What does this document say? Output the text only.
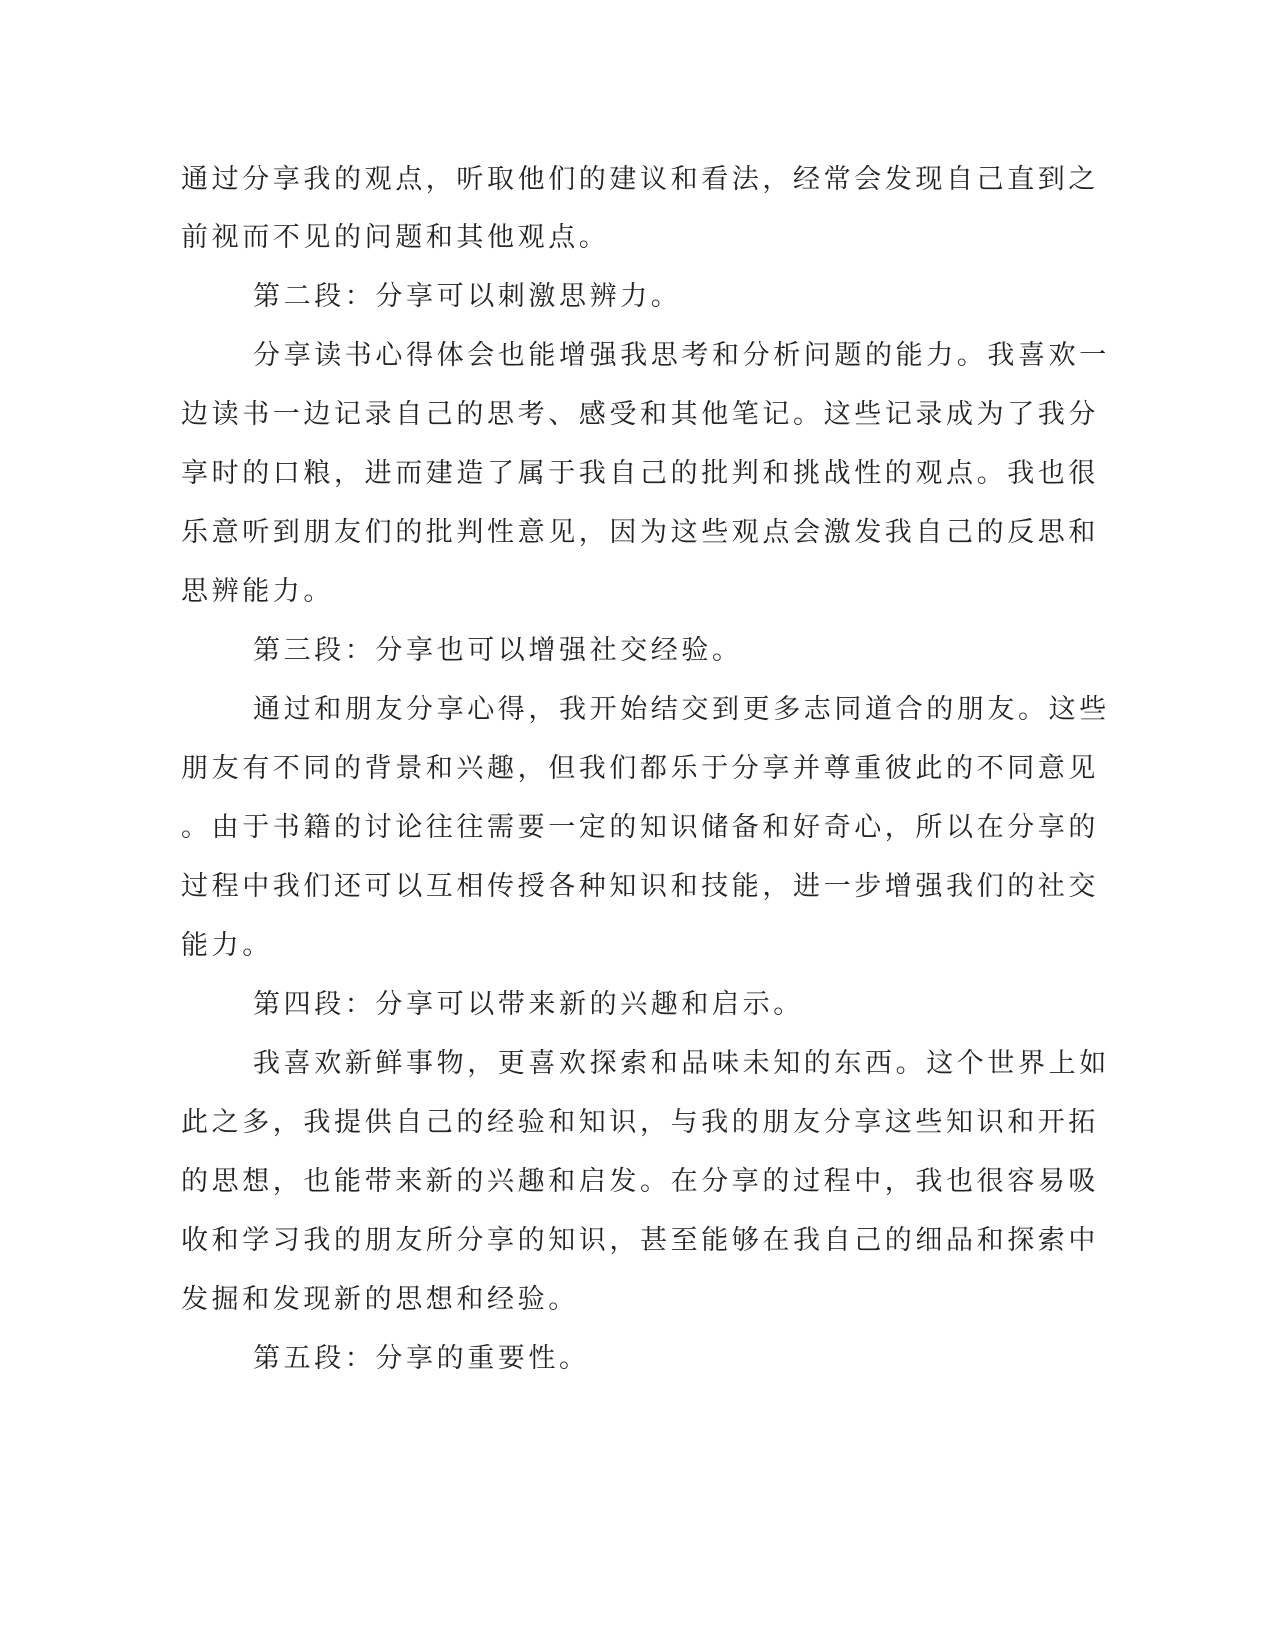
通过分享我的观点，听取他们的建议和看法，经常会发现自己直到之
前视而不见的问题和其他观点。
第二段：分享可以刺激思辨力。
分享读书心得体会也能增强我思考和分析问题的能力。我喜欢一
边读书一边记录自己的思考、感受和其他笔记。这些记录成为了我分
享时的口粮，进而建造了属于我自己的批判和挑战性的观点。我也很
乐意听到朋友们的批判性意见，因为这些观点会激发我自己的反思和
思辨能力。
第三段：分享也可以增强社交经验。
通过和朋友分享心得，我开始结交到更多志同道合的朋友。这些
朋友有不同的背景和兴趣，但我们都乐于分享并尊重彼此的不同意见
。由于书籍的讨论往往需要一定的知识储备和好奇心，所以在分享的
过程中我们还可以互相传授各种知识和技能，进一步增强我们的社交
能力。
第四段：分享可以带来新的兴趣和启示。
我喜欢新鲜事物，更喜欢探索和品味未知的东西。这个世界上如
此之多，我提供自己的经验和知识，与我的朋友分享这些知识和开拓
的思想，也能带来新的兴趣和启发。在分享的过程中，我也很容易吸
收和学习我的朋友所分享的知识，甚至能够在我自己的细品和探索中
发掘和发现新的思想和经验。
第五段：分享的重要性。
